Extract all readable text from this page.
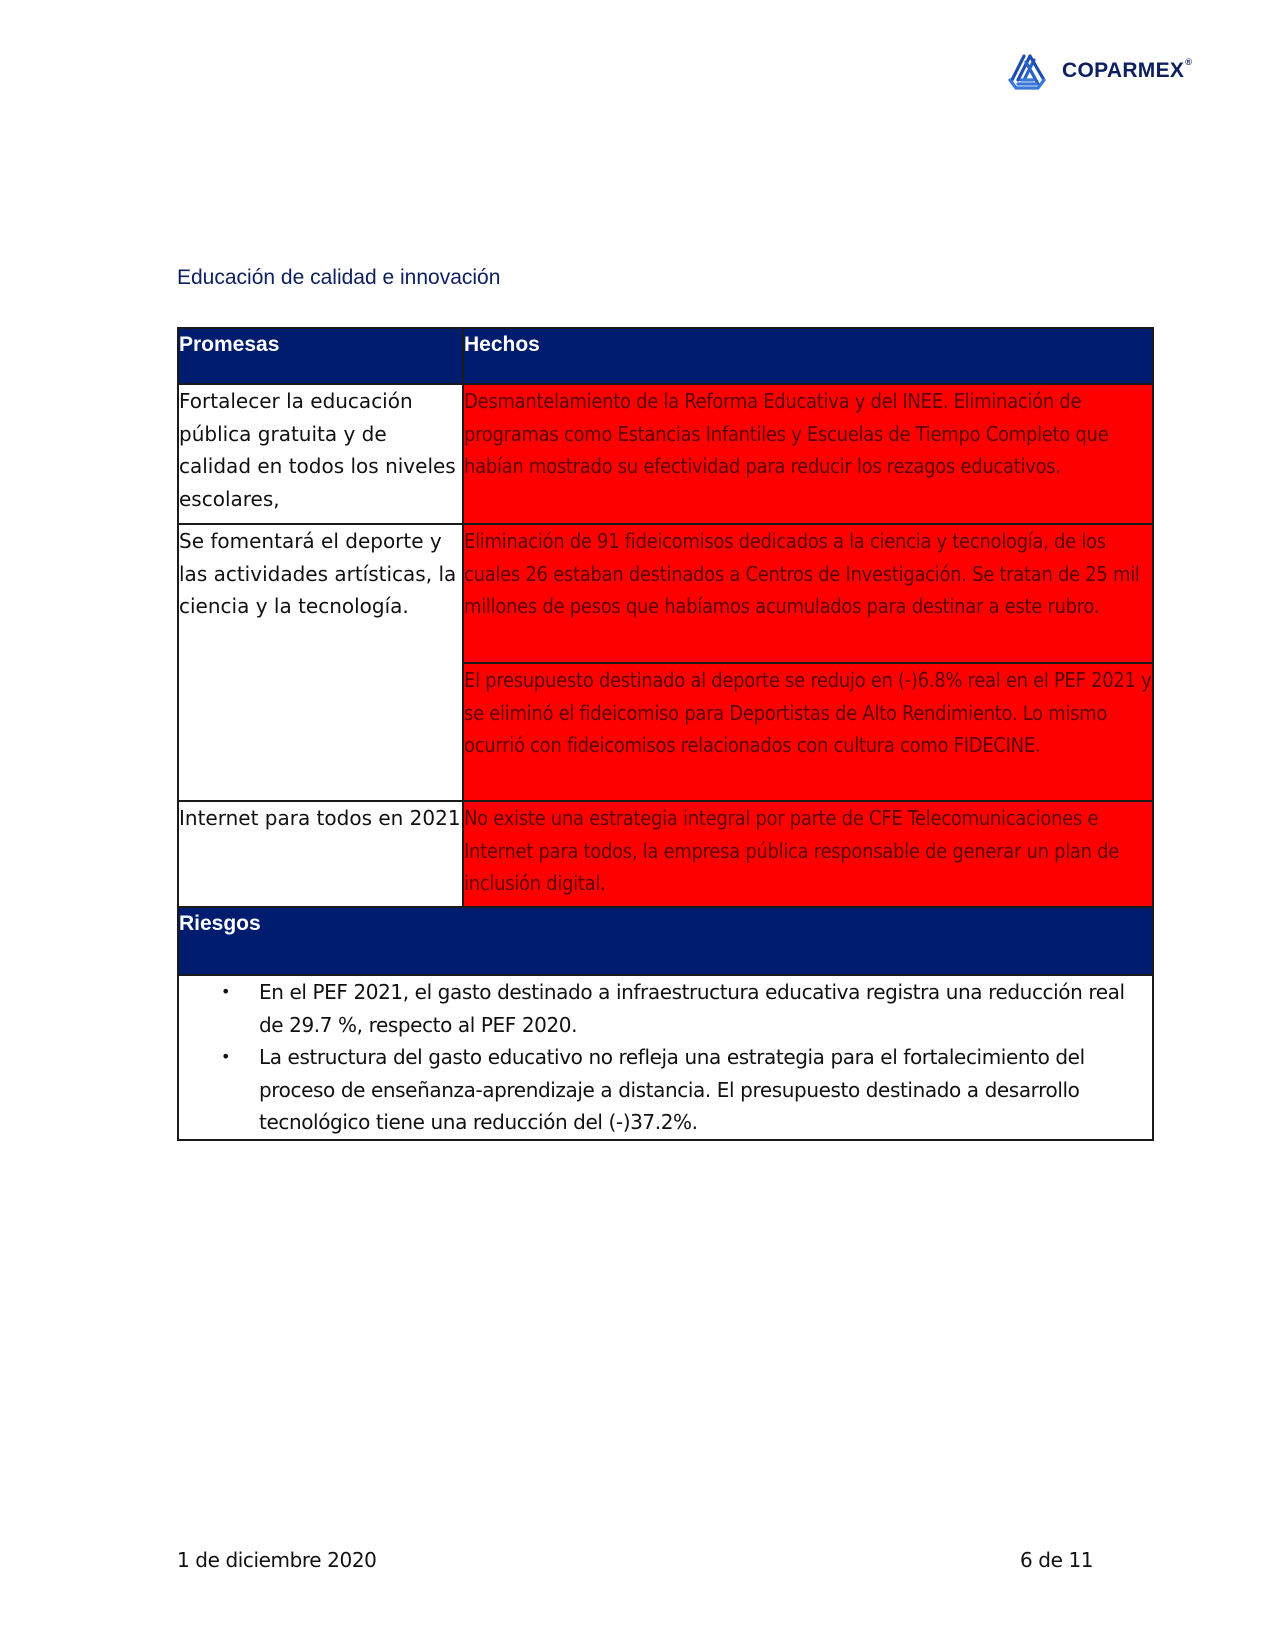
COPARMEX®
Educación de calidad e innovación
Promesas	Hechos
Fortalecer la educación pública gratuita y de calidad en todos los niveles escolares,	Desmantelamiento de la Reforma Educativa y del INEE. Eliminación de programas como Estancias Infantiles y Escuelas de Tiempo Completo que habían mostrado su efectividad para reducir los rezagos educativos.
Se fomentará el deporte y las actividades artísticas, la ciencia y la tecnología.	Eliminación de 91 fideicomisos dedicados a la ciencia y tecnología, de los cuales 26 estaban destinados a Centros de Investigación. Se tratan de 25 mil millones de pesos que habíamos acumulados para destinar a este rubro.
	El presupuesto destinado al deporte se redujo en (-)6.8% real en el PEF 2021 y se eliminó el fideicomiso para Deportistas de Alto Rendimiento. Lo mismo ocurrió con fideicomisos relacionados con cultura como FIDECINE.
Internet para todos en 2021	No existe una estrategia integral por parte de CFE Telecomunicaciones e Internet para todos, la empresa pública responsable de generar un plan de inclusión digital.
Riesgos	

• En el PEF 2021, el gasto destinado a infraestructura educativa registra una reducción real de 29.7 %, respecto al PEF 2020.
• La estructura del gasto educativo no refleja una estrategia para el fortalecimiento del proceso de enseñanza-aprendizaje a distancia. El presupuesto destinado a desarrollo tecnológico tiene una reducción del (-)37.2%.
1 de diciembre 2020	6 de 11
